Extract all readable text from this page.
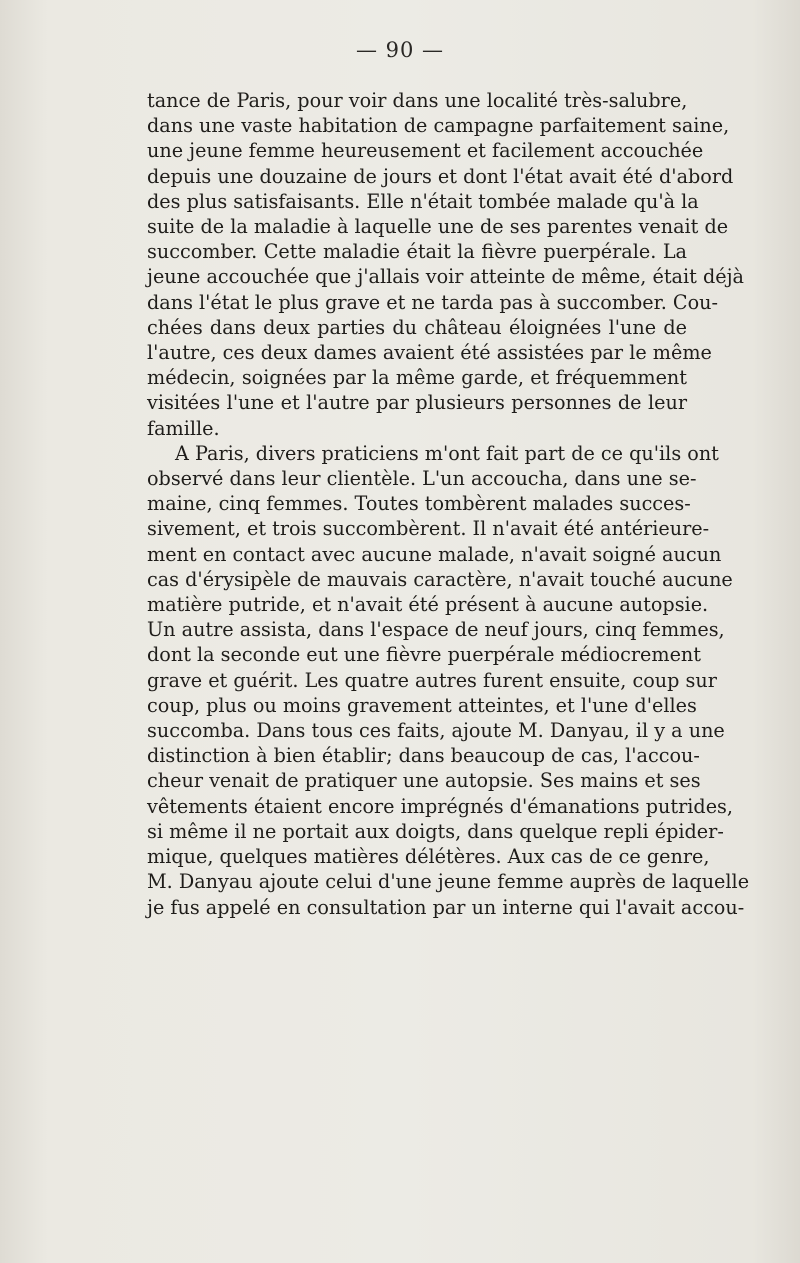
— 90 —
tance de Paris, pour voir dans une localité très-salubre,
dans une vaste habitation de campagne parfaitement saine,
une jeune femme heureusement et facilement accouchée
depuis une douzaine de jours et dont l'état avait été d'abord
des plus satisfaisants. Elle n'était tombée malade qu'à la
suite de la maladie à laquelle une de ses parentes venait de
succomber. Cette maladie était la fièvre puerpérale. La
jeune accouchée que j'allais voir atteinte de même, était déjà
dans l'état le plus grave et ne tarda pas à succomber. Cou-
chées dans deux parties du château éloignées l'une de
l'autre, ces deux dames avaient été assistées par le même
médecin, soignées par la même garde, et fréquemment
visitées l'une et l'autre par plusieurs personnes de leur
famille.
A Paris, divers praticiens m'ont fait part de ce qu'ils ont
observé dans leur clientèle. L'un accoucha, dans une se-
maine, cinq femmes. Toutes tombèrent malades succes-
sivement, et trois succombèrent. Il n'avait été antérieure-
ment en contact avec aucune malade, n'avait soigné aucun
cas d'érysipèle de mauvais caractère, n'avait touché aucune
matière putride, et n'avait été présent à aucune autopsie.
Un autre assista, dans l'espace de neuf jours, cinq femmes,
dont la seconde eut une fièvre puerpérale médiocrement
grave et guérit. Les quatre autres furent ensuite, coup sur
coup, plus ou moins gravement atteintes, et l'une d'elles
succomba. Dans tous ces faits, ajoute M. Danyau, il y a une
distinction à bien établir; dans beaucoup de cas, l'accou-
cheur venait de pratiquer une autopsie. Ses mains et ses
vêtements étaient encore imprégnés d'émanations putrides,
si même il ne portait aux doigts, dans quelque repli épider-
mique, quelques matières délétères. Aux cas de ce genre,
M. Danyau ajoute celui d'une jeune femme auprès de laquelle
je fus appelé en consultation par un interne qui l'avait accou-
